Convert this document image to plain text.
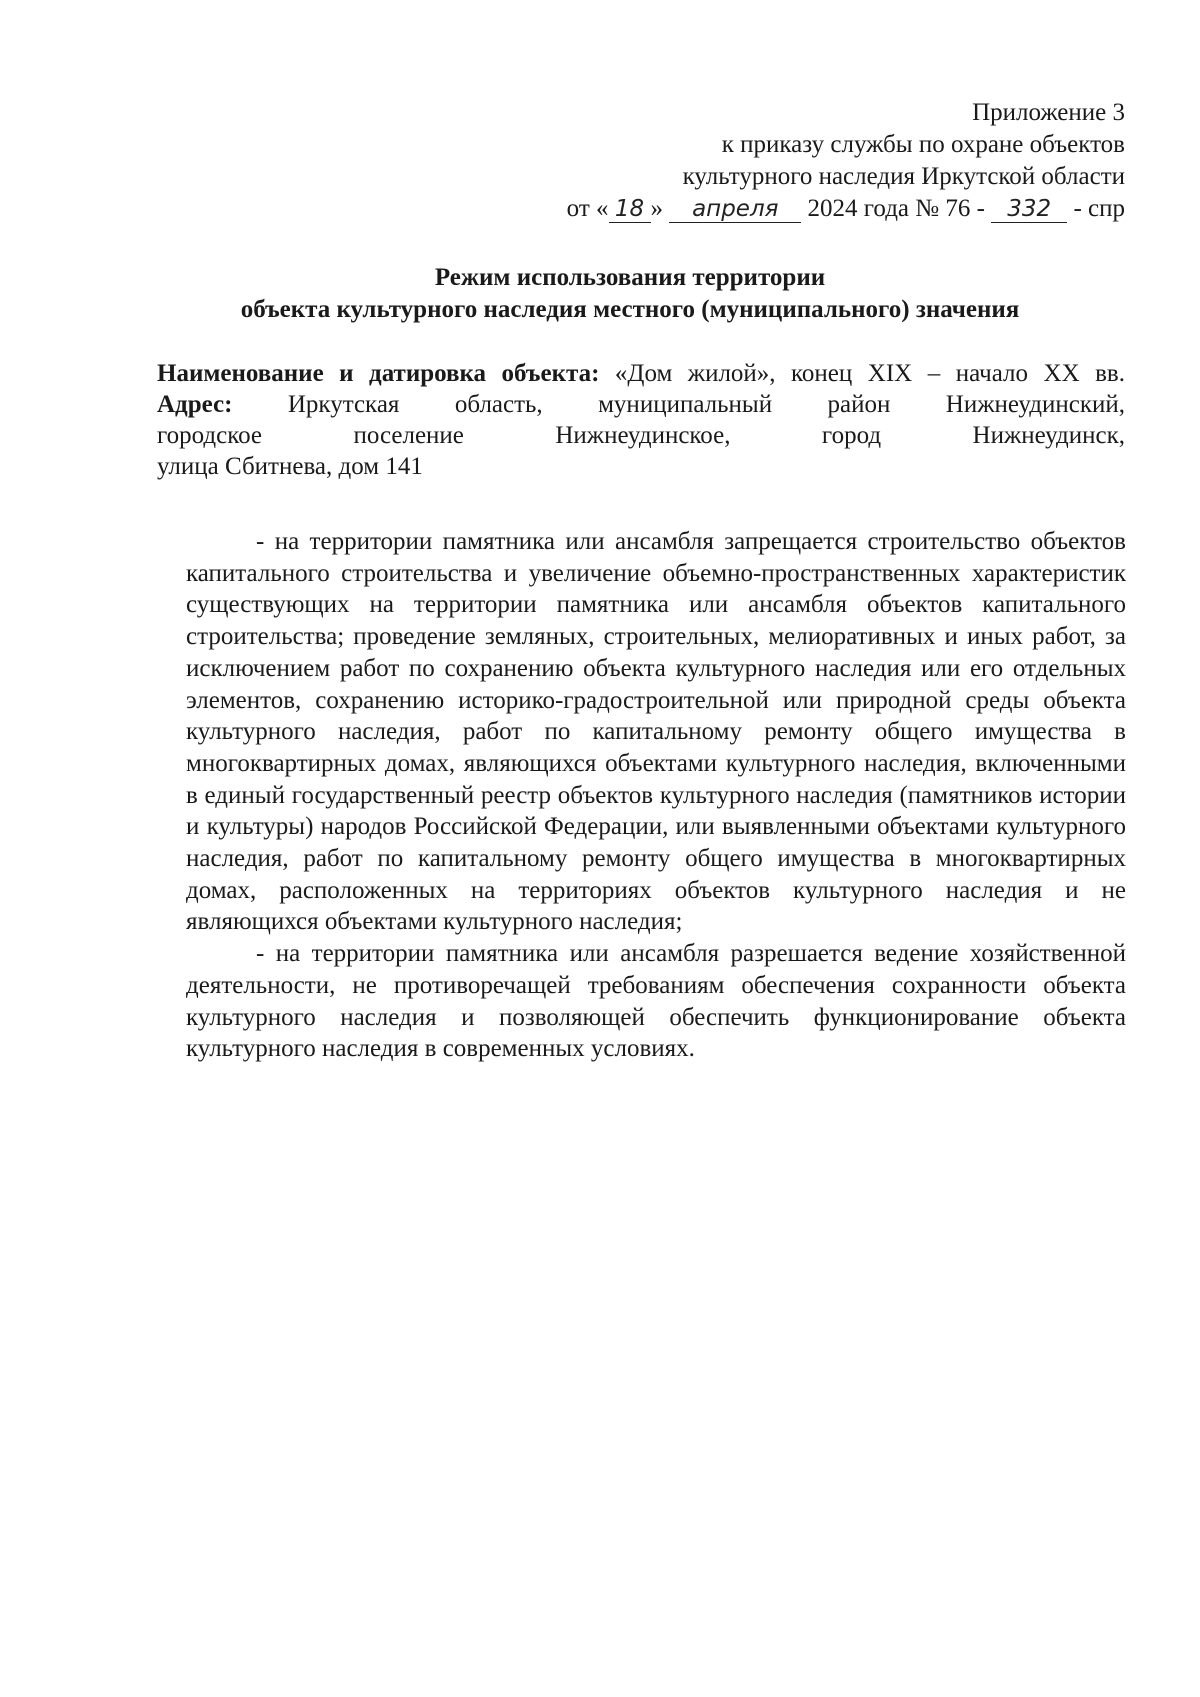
Приложение 3
к приказу службы по охране объектов
культурного наследия Иркутской области
от « 18 » апреля 2024 года № 76 - 332 - спр
Режим использования территории
объекта культурного наследия местного (муниципального) значения
Наименование и датировка объекта: «Дом жилой», конец XIX – начало XX вв.
Адрес: Иркутская область, муниципальный район Нижнеудинский,
городское поселение Нижнеудинское, город Нижнеудинск,
улица Сбитнева, дом 141

- на территории памятника или ансамбля запрещается строительство объектов капитального строительства и увеличение объемно-пространственных характеристик существующих на территории памятника или ансамбля объектов капитального строительства; проведение земляных, строительных, мелиоративных и иных работ, за исключением работ по сохранению объекта культурного наследия или его отдельных элементов, сохранению историко-градостроительной или природной среды объекта культурного наследия, работ по капитальному ремонту общего имущества в многоквартирных домах, являющихся объектами культурного наследия, включенными в единый государственный реестр объектов культурного наследия (памятников истории и культуры) народов Российской Федерации, или выявленными объектами культурного наследия, работ по капитальному ремонту общего имущества в многоквартирных домах, расположенных на территориях объектов культурного наследия и не являющихся объектами культурного наследия;

- на территории памятника или ансамбля разрешается ведение хозяйственной деятельности, не противоречащей требованиям обеспечения сохранности объекта культурного наследия и позволяющей обеспечить функционирование объекта культурного наследия в современных условиях.
